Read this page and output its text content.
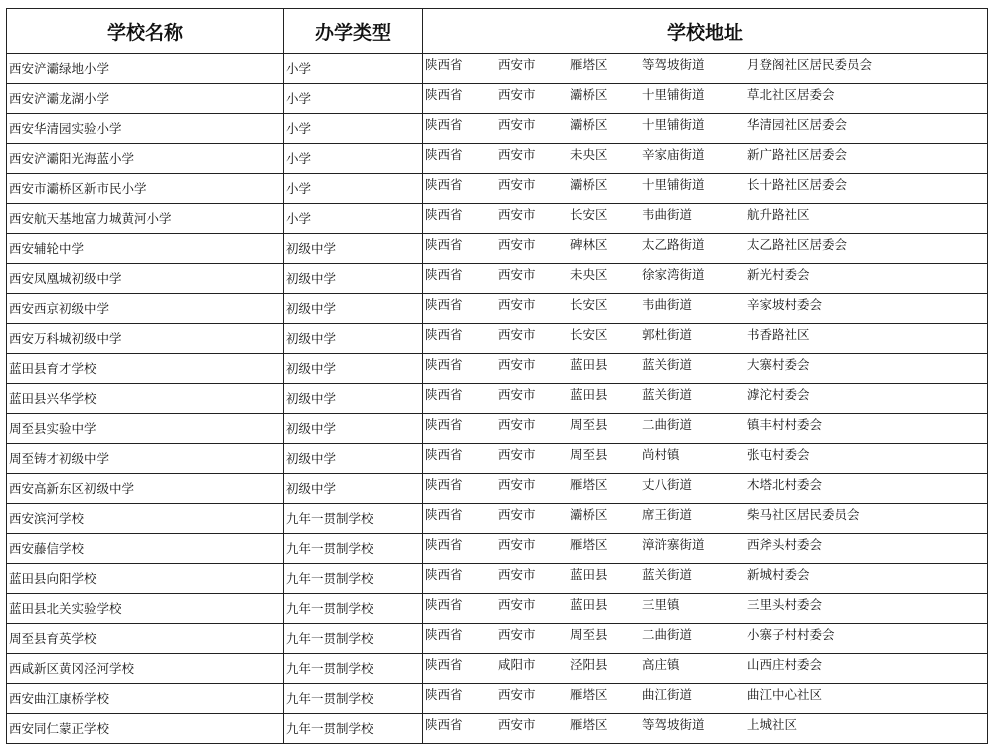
学校名称	办学类型	学校地址
西安浐灞绿地小学	小学	陕西省 西安市 雁塔区 等驾坡街道 月登阁社区居民委员会
西安浐灞龙湖小学	小学	陕西省 西安市 灞桥区 十里铺街道 草北社区居委会
西安华清园实验小学	小学	陕西省 西安市 灞桥区 十里铺街道 华清园社区居委会
西安浐灞阳光海蓝小学	小学	陕西省 西安市 未央区 辛家庙街道 新广路社区居委会
西安市灞桥区新市民小学	小学	陕西省 西安市 灞桥区 十里铺街道 长十路社区居委会
西安航天基地富力城黄河小学	小学	陕西省 西安市 长安区 韦曲街道 航升路社区
西安辅轮中学	初级中学	陕西省 西安市 碑林区 太乙路街道 太乙路社区居委会
西安凤凰城初级中学	初级中学	陕西省 西安市 未央区 徐家湾街道 新光村委会
西安西京初级中学	初级中学	陕西省 西安市 长安区 韦曲街道 辛家坡村委会
西安万科城初级中学	初级中学	陕西省 西安市 长安区 郭杜街道 书香路社区
蓝田县育才学校	初级中学	陕西省 西安市 蓝田县 蓝关街道 大寨村委会
蓝田县兴华学校	初级中学	陕西省 西安市 蓝田县 蓝关街道 滹沱村委会
周至县实验中学	初级中学	陕西省 西安市 周至县 二曲街道 镇丰村村委会
周至铸才初级中学	初级中学	陕西省 西安市 周至县 尚村镇 张屯村委会
西安高新东区初级中学	初级中学	陕西省 西安市 雁塔区 丈八街道 木塔北村委会
西安滨河学校	九年一贯制学校	陕西省 西安市 灞桥区 席王街道 柴马社区居民委员会
西安藤信学校	九年一贯制学校	陕西省 西安市 雁塔区 漳浒寨街道 西斧头村委会
蓝田县向阳学校	九年一贯制学校	陕西省 西安市 蓝田县 蓝关街道 新城村委会
蓝田县北关实验学校	九年一贯制学校	陕西省 西安市 蓝田县 三里镇 三里头村委会
周至县育英学校	九年一贯制学校	陕西省 西安市 周至县 二曲街道 小寨子村村委会
西咸新区黄冈泾河学校	九年一贯制学校	陕西省 咸阳市 泾阳县 高庄镇 山西庄村委会
西安曲江康桥学校	九年一贯制学校	陕西省 西安市 雁塔区 曲江街道 曲江中心社区
西安同仁蒙正学校	九年一贯制学校	陕西省 西安市 雁塔区 等驾坡街道 上城社区
